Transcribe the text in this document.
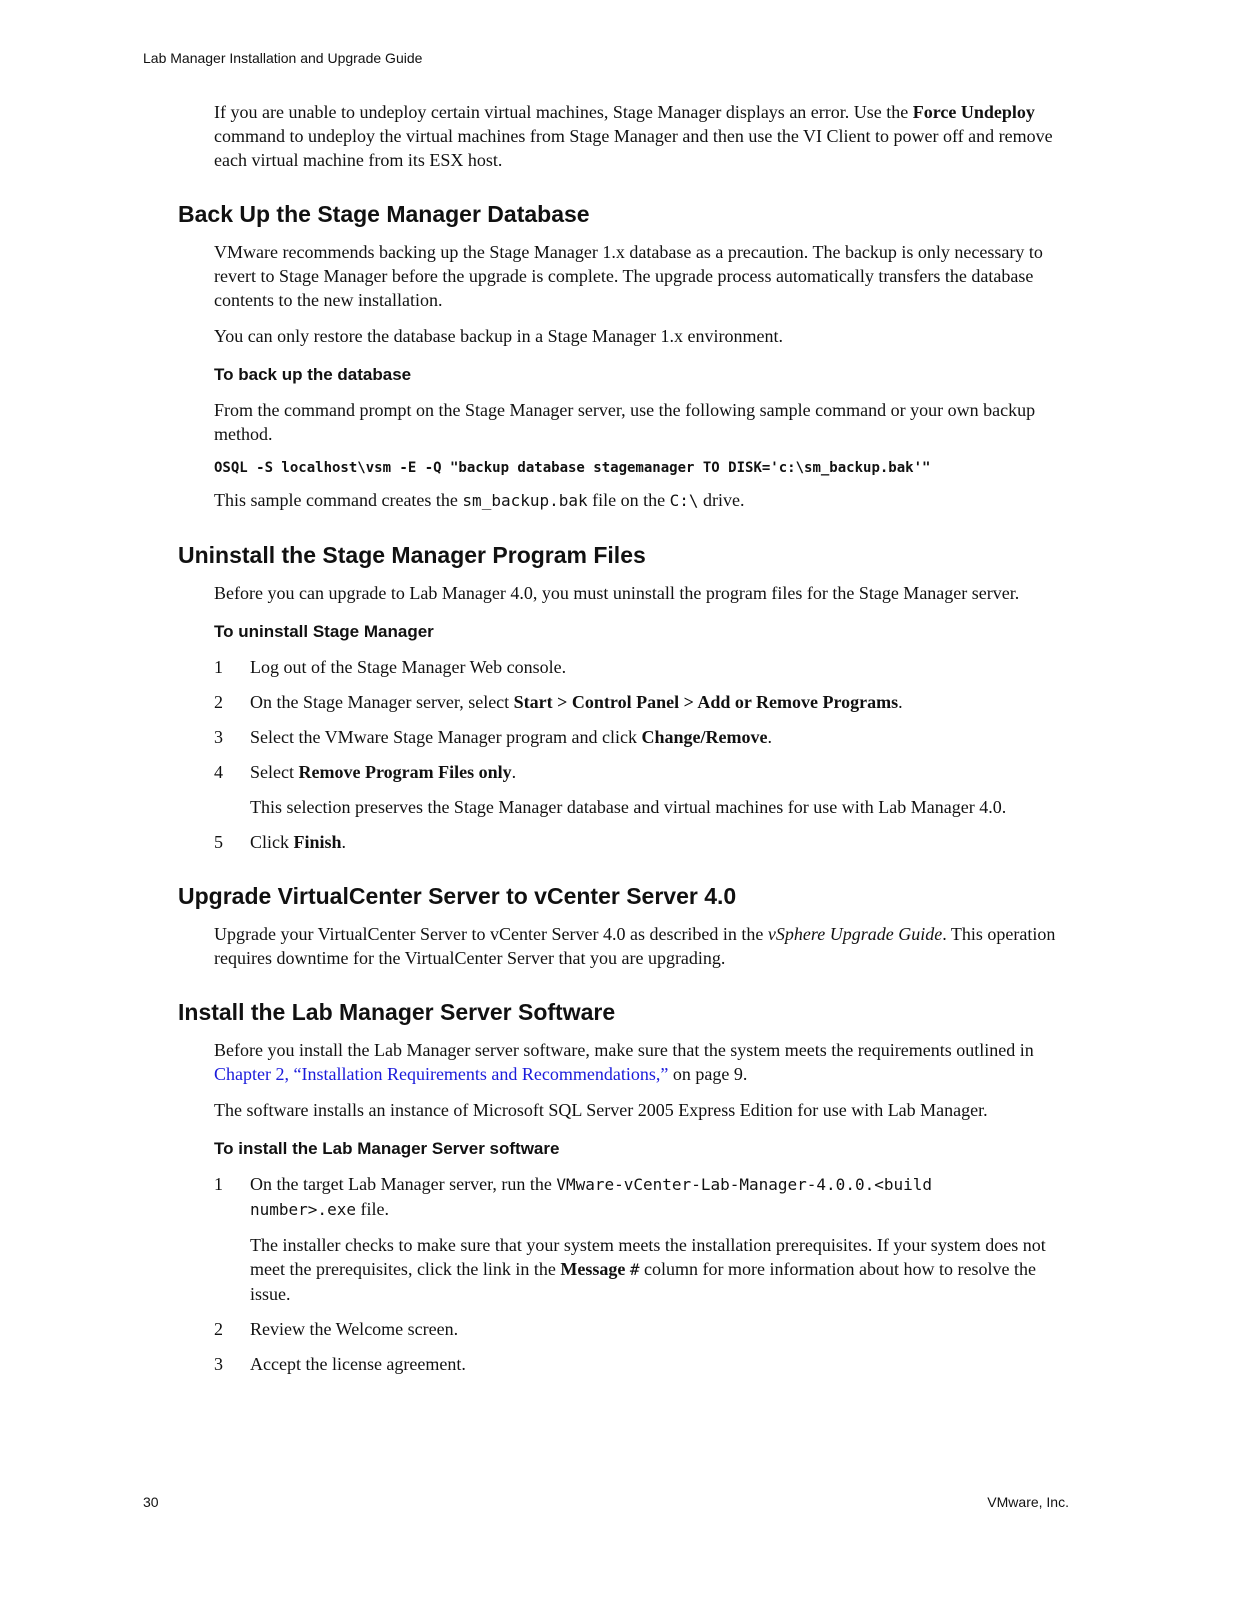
Lab Manager Installation and Upgrade Guide

If you are unable to undeploy certain virtual machines, Stage Manager displays an error. Use the Force Undeploy command to undeploy the virtual machines from Stage Manager and then use the VI Client to power off and remove each virtual machine from its ESX host.

Back Up the Stage Manager Database

VMware recommends backing up the Stage Manager 1.x database as a precaution. The backup is only necessary to revert to Stage Manager before the upgrade is complete. The upgrade process automatically transfers the database contents to the new installation.

You can only restore the database backup in a Stage Manager 1.x environment.

To back up the database

From the command prompt on the Stage Manager server, use the following sample command or your own backup method.

OSQL -S localhost\vsm -E -Q "backup database stagemanager TO DISK='c:\sm_backup.bak'"

This sample command creates the sm_backup.bak file on the C:\ drive.

Uninstall the Stage Manager Program Files

Before you can upgrade to Lab Manager 4.0, you must uninstall the program files for the Stage Manager server.

To uninstall Stage Manager
1	Log out of the Stage Manager Web console.
2	On the Stage Manager server, select Start > Control Panel > Add or Remove Programs.
3	Select the VMware Stage Manager program and click Change/Remove.
4	Select Remove Program Files only.

This selection preserves the Stage Manager database and virtual machines for use with Lab Manager 4.0.

5	Click Finish.
Upgrade VirtualCenter Server to vCenter Server 4.0

Upgrade your VirtualCenter Server to vCenter Server 4.0 as described in the vSphere Upgrade Guide. This operation requires downtime for the VirtualCenter Server that you are upgrading.

Install the Lab Manager Server Software

Before you install the Lab Manager server software, make sure that the system meets the requirements outlined in Chapter 2, “Installation Requirements and Recommendations,” on page 9.

The software installs an instance of Microsoft SQL Server 2005 Express Edition for use with Lab Manager.

To install the Lab Manager Server software
1	On the target Lab Manager server, run the VMware-vCenter-Lab-Manager-4.0.0.<build
number>.exe file.

The installer checks to make sure that your system meets the installation prerequisites. If your system does not meet the prerequisites, click the link in the Message # column for more information about how to resolve the issue.

2	Review the Welcome screen.
3	Accept the license agreement.
30	VMware, Inc.
